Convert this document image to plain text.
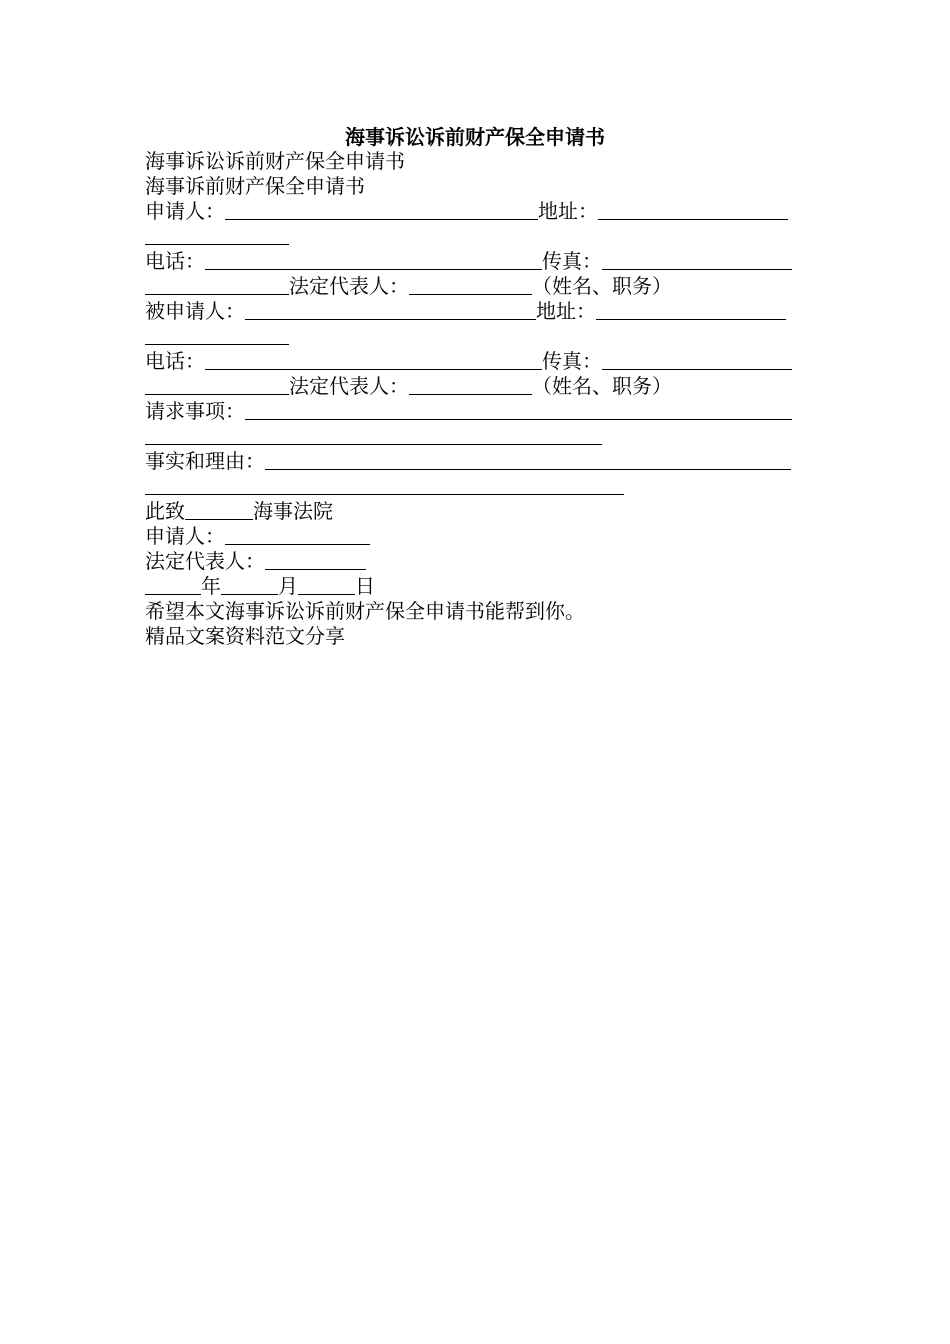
海事诉讼诉前财产保全申请书
海事诉讼诉前财产保全申请书
海事诉前财产保全申请书
申请人：	地址：
电话：	传真：
法定代表人：	（姓名、职务）
被申请人：	地址：
电话：	传真：
法定代表人：	（姓名、职务）
请求事项：
事实和理由：
此致	海事法院
申请人：
法定代表人：
年	月	日
希望本文海事诉讼诉前财产保全申请书能帮到你。
精品文案资料范文分享
